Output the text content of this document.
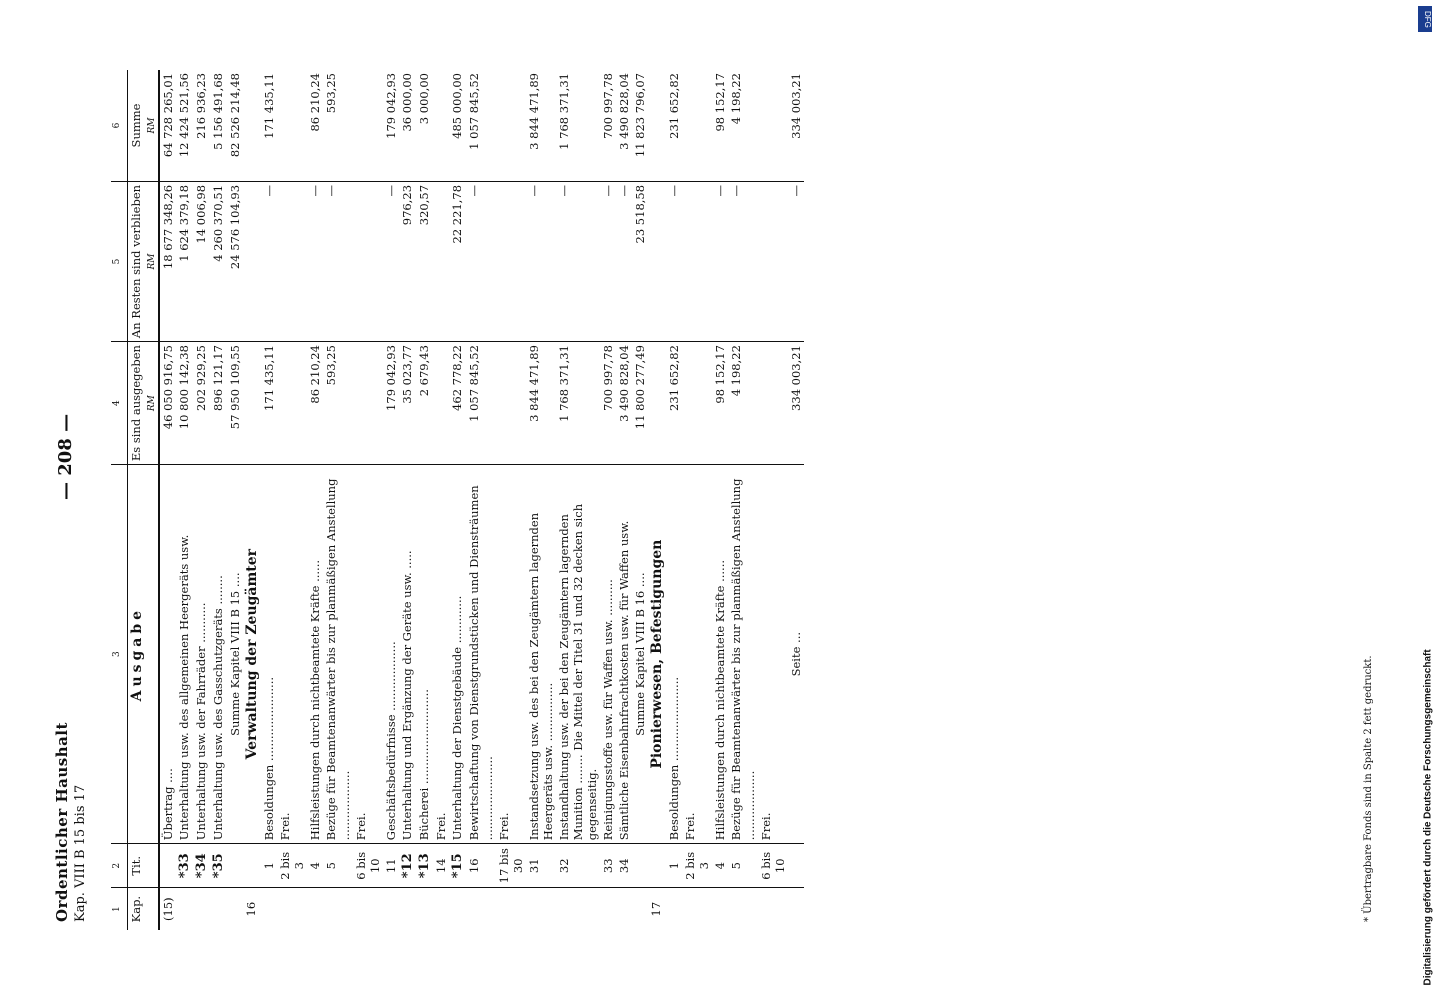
Ordentlicher Haushalt Kap. VIII B 15 bis 17
— 208 —
1	2	3	4	5	6
Kap.	Tit.	Ausgabe	Es sind ausgegeben RM	An Resten sind verblieben RM	Summe RM

(15)		Übertrag ....	46 050 916,75	18 677 348,26	64 728 265,01
	*33	Unterhaltung usw. des allgemeinen Heergeräts usw.	10 800 142,38	1 624 379,18	12 424 521,56
	*34	Unterhaltung usw. der Fahrräder ...........	202 929,25	14 006,98	216 936,23
	*35	Unterhaltung usw. des Gasschutzgeräts ........	896 121,17	4 260 370,51	5 156 491,68
		Summe Kapitel VIII B 15 ....	57 950 109,55	24 576 104,93	82 526 214,48
16		Verwaltung der Zeugämter			
	1	Besoldungen .......................	171 435,11	—	171 435,11
	2 bis 3	Frei.			
	4	Hilfsleistungen durch nichtbeamtete Kräfte ......	86 210,24	—	86 210,24
	5	Bezüge für Beamtenanwärter bis zur planmäßigen Anstellung ...................	593,25	—	593,25
	6 bis 10	Frei.			
	11	Geschäftsbedürfnisse ...................	179 042,93	—	179 042,93
	*12	Unterhaltung und Ergänzung der Geräte usw. .....	35 023,77	976,23	36 000,00
	*13	Bücherei ..........................	2 679,43	320,57	3 000,00
	14	Frei.			
	*15	Unterhaltung der Dienstgebäude .............	462 778,22	22 221,78	485 000,00
	16	Bewirtschaftung von Dienstgrundstücken und Diensträumen .......................	1 057 845,52	—	1 057 845,52
	17 bis 30	Frei.			
	31	Instandsetzung usw. des bei den Zeugämtern lagernden Heergeräts usw. ................	3 844 471,89	—	3 844 471,89
	32	Instandhaltung usw. der bei den Zeugämtern lagernden Munition ........ Die Mittel der Titel 31 und 32 decken sich gegenseitig.	1 768 371,31	—	1 768 371,31
	33	Reinigungsstoffe usw. für Waffen usw. ..........	700 997,78	—	700 997,78
	34	Sämtliche Eisenbahnfrachtkosten usw. für Waffen usw.	3 490 828,04	—	3 490 828,04
		Summe Kapitel VIII B 16 ....	11 800 277,49	23 518,58	11 823 796,07
17		Pionierwesen, Befestigungen			
	1	Besoldungen .......................	231 652,82	—	231 652,82
	2 bis 3	Frei.			
	4	Hilfsleistungen durch nichtbeamtete Kräfte ......	98 152,17	—	98 152,17
	5	Bezüge für Beamtenanwärter bis zur planmäßigen Anstellung ...................	4 198,22	—	4 198,22
	6 bis 10	Frei.			
		Seite ...	334 003,21	—	334 003,21
* Übertragbare Fonds sind in Spalte 2 fett gedruckt.
DFG
Digitalisierung gefördert durch die Deutsche Forschungsgemeinschaft
